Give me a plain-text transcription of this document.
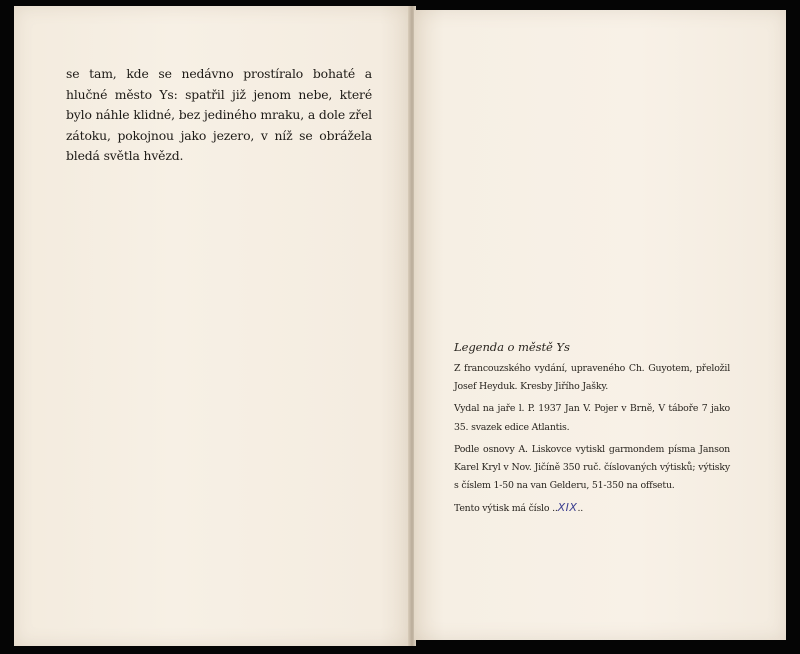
se tam, kde se nedávno prostíralo bohaté a hlučné město Ys: spatřil již jenom nebe, které bylo náhle klidné, bez jediného mraku, a dole zřel zátoku, pokojnou jako jezero, v níž se obrážela bledá světla hvězd.

Legenda o městě Ys

Z francouzského vydání, upraveného Ch. Guyotem, přeložil Josef Heyduk. Kresby Jiřího Jašky.

Vydal na jaře l. P. 1937 Jan V. Pojer v Brně, V táboře 7 jako 35. svazek edice Atlantis.

Podle osnovy A. Liskovce vytiskl garmondem písma Janson Karel Kryl v Nov. Jičíně 350 ruč. číslovaných výtisků; výtisky s číslem 1-50 na van Gelderu, 51-350 na offsetu.

Tento výtisk má číslo ..XIX..
